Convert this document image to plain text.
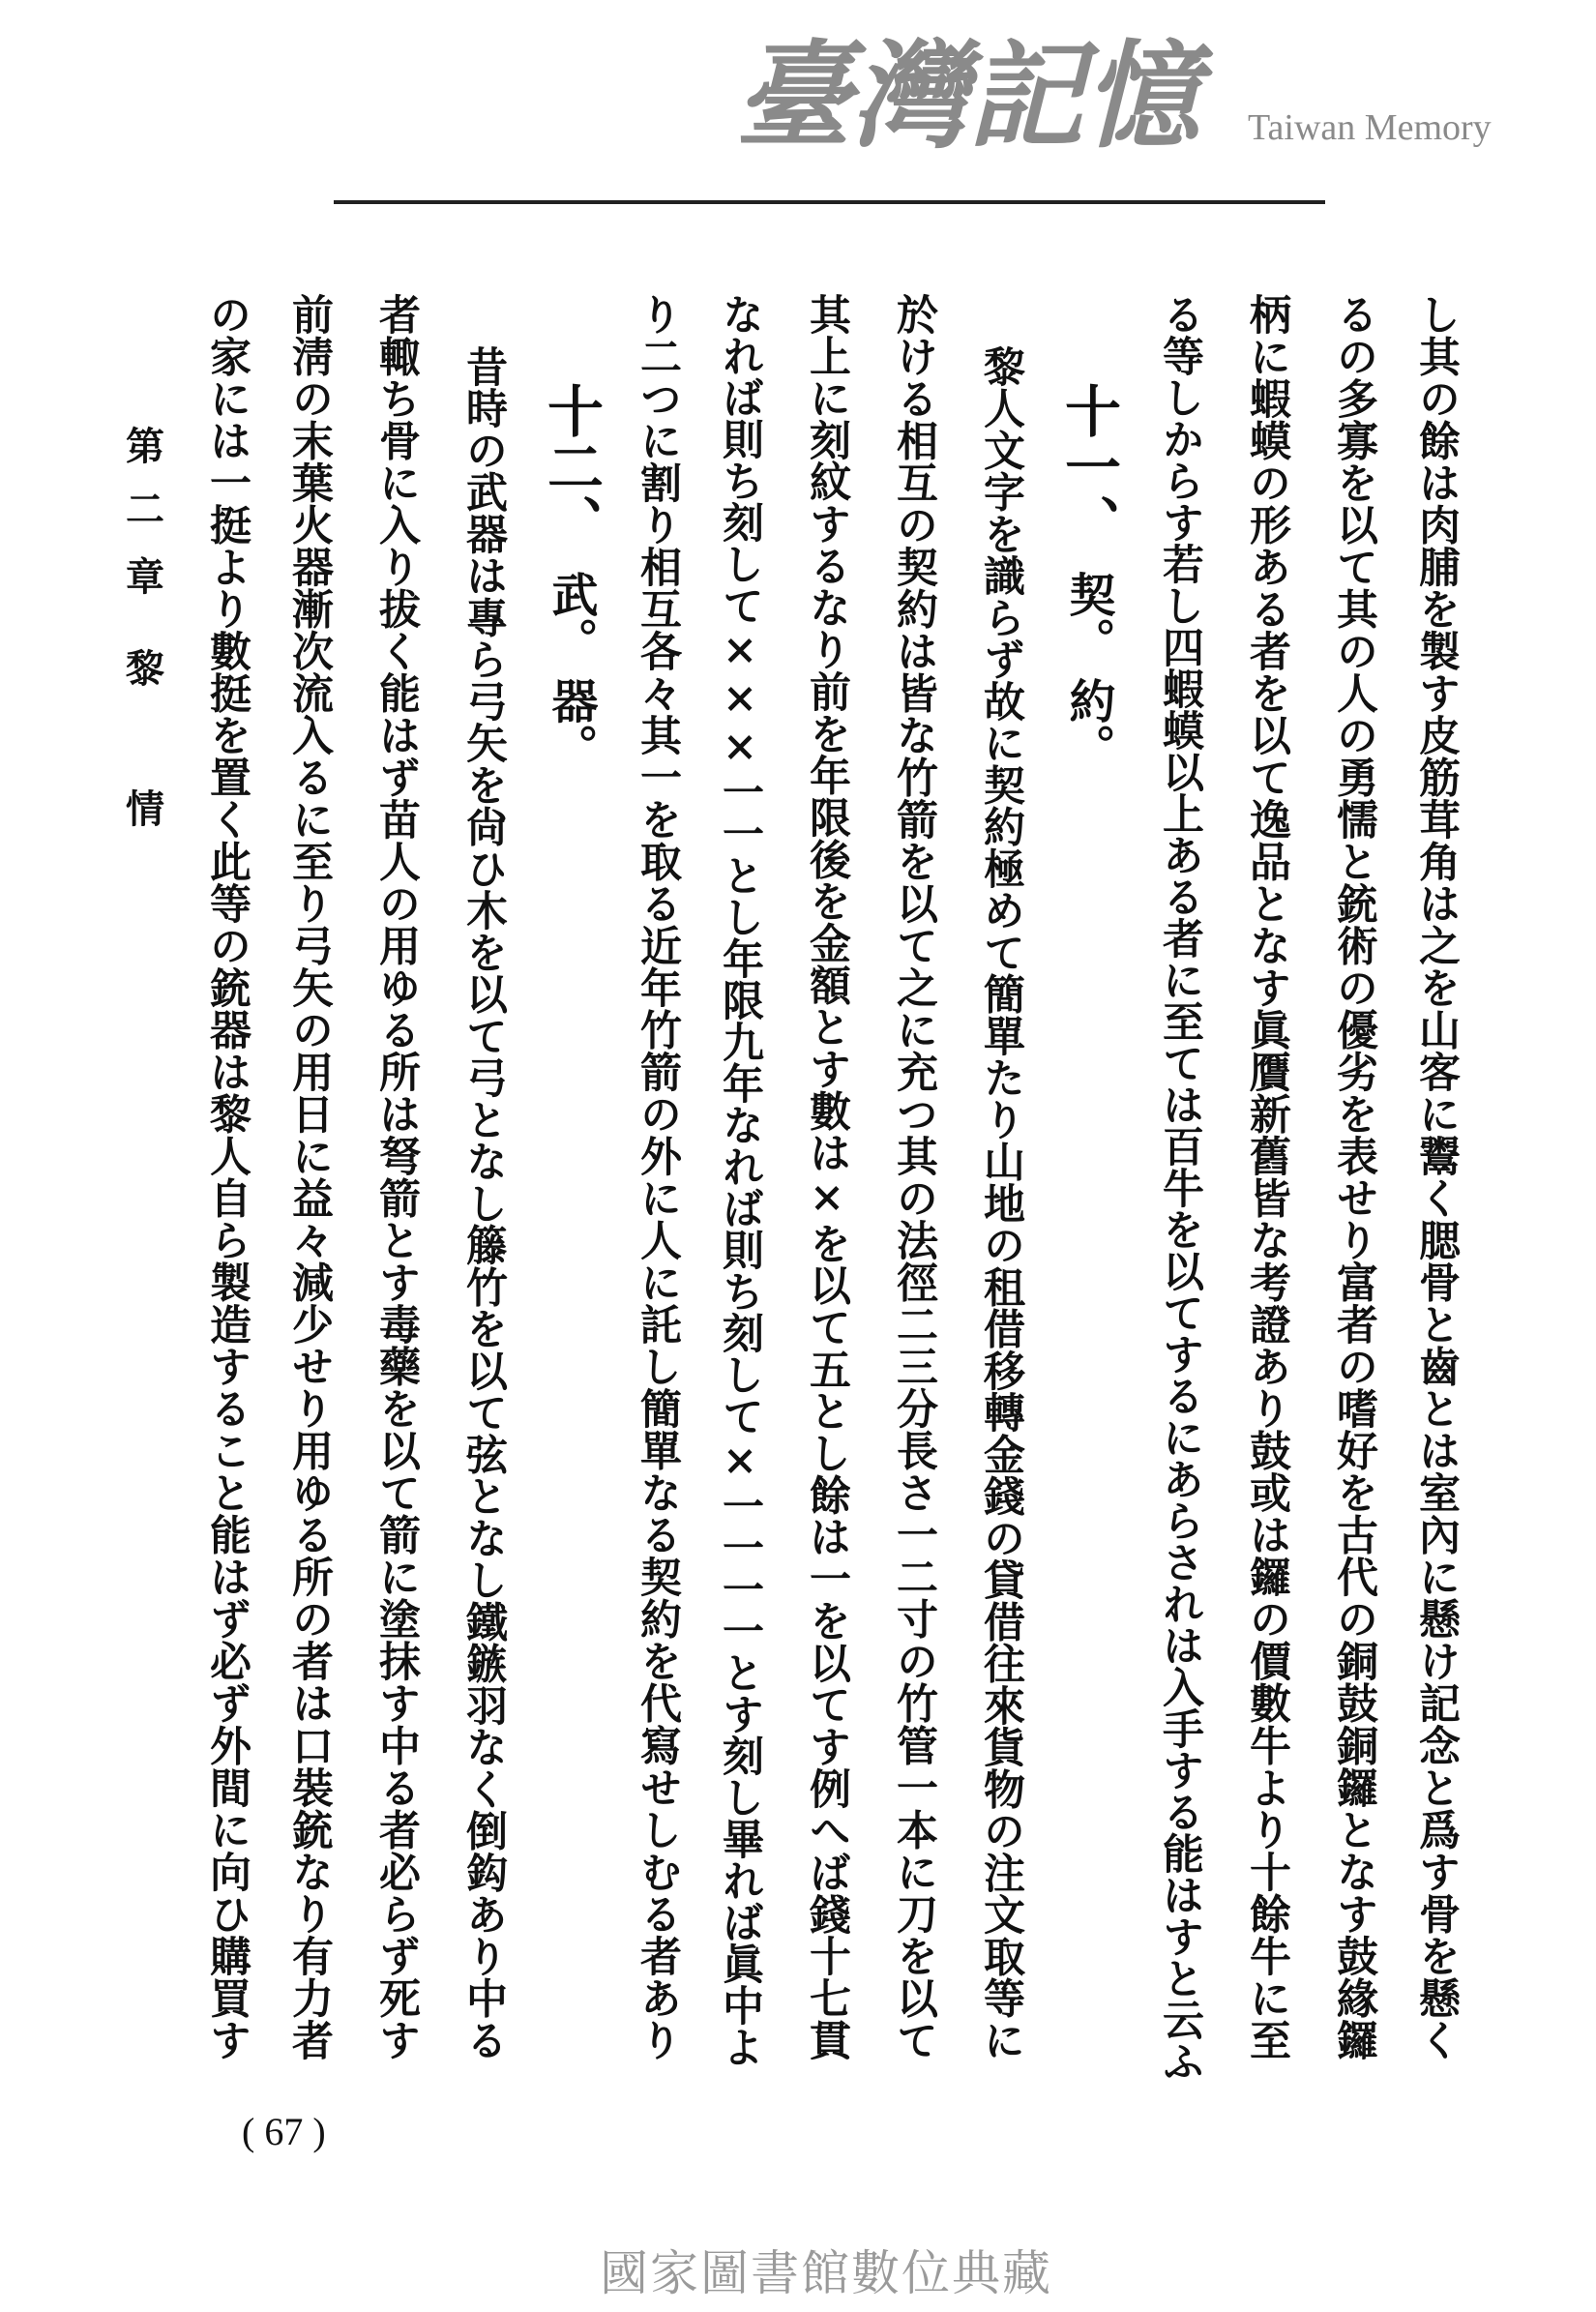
し其の餘は肉脯を製す皮筋茸角は之を山客に鬻く腮骨と齒とは室內に懸け記念と爲す骨を懸く
るの多寡を以て其の人の勇懦と銃術の優劣を表せり富者の嗜好を古代の銅鼓銅鑼となす鼓緣鑼
柄に蝦蟆の形ある者を以て逸品となす眞贋新舊皆な考證あり鼓或は鑼の價數牛より十餘牛に至
る等しからす若し四蝦蟆以上ある者に至ては百牛を以てするにあらされは入手する能はすと云ふ
十一、
契。
約。
黎人文字を識らず故に契約極めて簡單たり山地の租借移轉金錢の貸借往來貨物の注文取等に
於ける相互の契約は皆な竹箭を以て之に充つ其の法徑二三分長さ一二寸の竹管一本に刀を以て
其上に刻紋するなり前を年限後を金額とす數は×を以て五とし餘は一を以てす例へば錢十七貫
なれば則ち刻して×××一一とし年限九年なれば則ち刻して×一一一一とす刻し畢れば眞中よ
り二つに割り相互各々其一を取る近年竹箭の外に人に託し簡單なる契約を代寫せしむる者あり
十二、
武。
器。
昔時の武器は專ら弓矢を尙ひ木を以て弓となし籐竹を以て弦となし鐵鏃羽なく倒鈎あり中る
者輙ち骨に入り拔く能はず苗人の用ゆる所は弩箭とす毒藥を以て箭に塗抹す中る者必らず死す
前淸の末葉火器漸次流入るに至り弓矢の用日に益々減少せり用ゆる所の者は口裝銃なり有力者
の家には一挺より數挺を置く此等の銃器は黎人自ら製造すること能はず必ず外間に向ひ購買す
第
二
章
黎
情
臺灣記憶 Taiwan Memory
( 67 )
國家圖書館數位典藏
